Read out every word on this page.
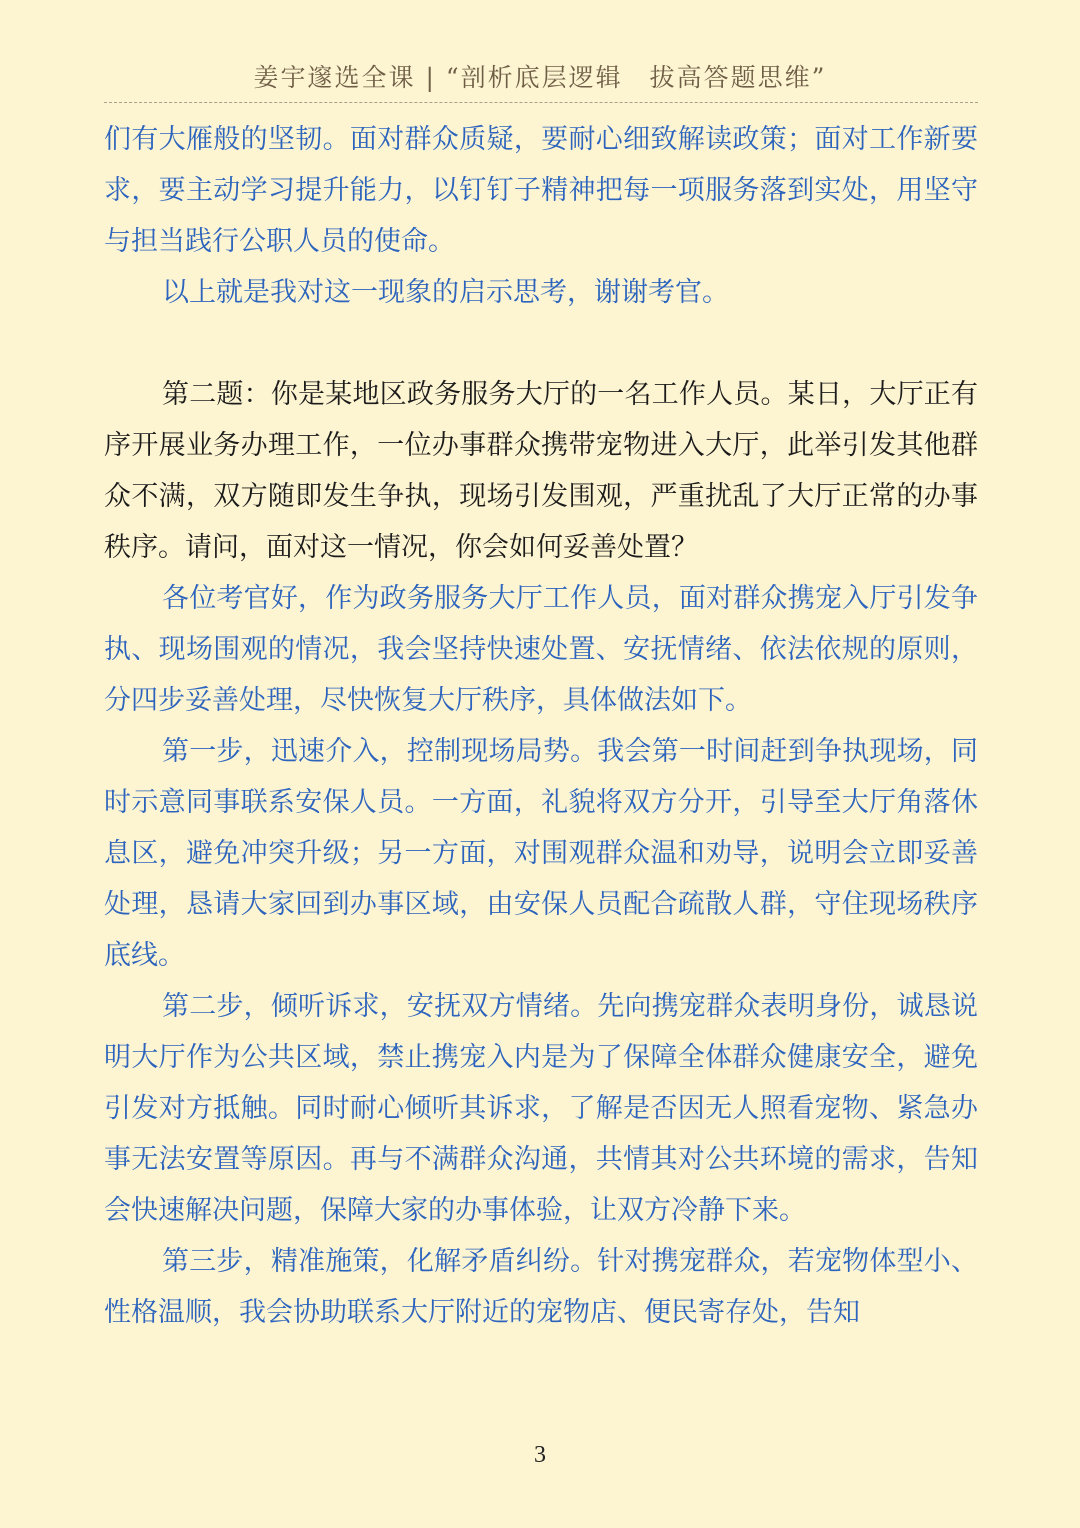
姜宇邃选全课 | “剖析底层逻辑　拔高答题思维”

们有大雁般的坚韧。面对群众质疑，要耐心细致解读政策；面对工作新要求，要主动学习提升能力，以钉钉子精神把每一项服务落到实处，用坚守与担当践行公职人员的使命。

以上就是我对这一现象的启示思考，谢谢考官。

第二题：你是某地区政务服务大厅的一名工作人员。某日，大厅正有序开展业务办理工作，一位办事群众携带宠物进入大厅，此举引发其他群众不满，双方随即发生争执，现场引发围观，严重扰乱了大厅正常的办事秩序。请问，面对这一情况，你会如何妥善处置？

各位考官好，作为政务服务大厅工作人员，面对群众携宠入厅引发争执、现场围观的情况，我会坚持快速处置、安抚情绪、依法依规的原则，分四步妥善处理，尽快恢复大厅秩序，具体做法如下。

第一步，迅速介入，控制现场局势。我会第一时间赶到争执现场，同时示意同事联系安保人员。一方面，礼貌将双方分开，引导至大厅角落休息区，避免冲突升级；另一方面，对围观群众温和劝导，说明会立即妥善处理，恳请大家回到办事区域，由安保人员配合疏散人群，守住现场秩序底线。

第二步，倾听诉求，安抚双方情绪。先向携宠群众表明身份，诚恳说明大厅作为公共区域，禁止携宠入内是为了保障全体群众健康安全，避免引发对方抵触。同时耐心倾听其诉求，了解是否因无人照看宠物、紧急办事无法安置等原因。再与不满群众沟通，共情其对公共环境的需求，告知会快速解决问题，保障大家的办事体验，让双方冷静下来。

第三步，精准施策，化解矛盾纠纷。针对携宠群众，若宠物体型小、性格温顺，我会协助联系大厅附近的宠物店、便民寄存处，告知

3
